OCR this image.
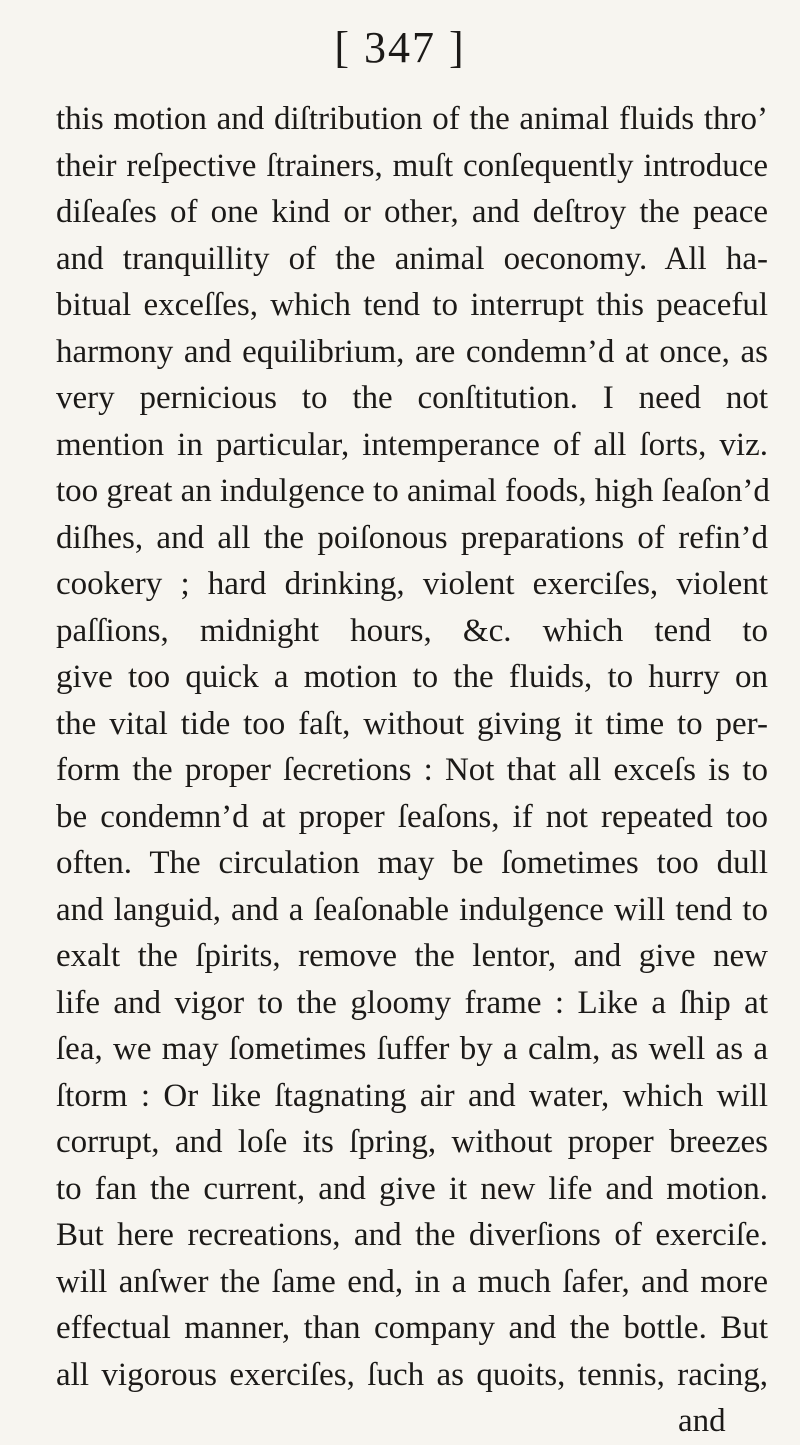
[ 347 ]
this motion and diſtribution of the animal fluids thro’
their reſpective ſtrainers, muſt conſequently introduce
diſeaſes of one kind or other, and deſtroy the peace
and tranquillity of the animal oeconomy. All ha-
bitual exceſſes, which tend to interrupt this peaceful
harmony and equilibrium, are condemn’d at once, as
very pernicious to the conſtitution. I need not
mention in particular, intemperance of all ſorts, viz.
too great an indulgence to animal foods, high ſeaſon’d
diſhes, and all the poiſonous preparations of refin’d
cookery ; hard drinking, violent exerciſes, violent
paſſions, midnight hours, &c. which tend to
give too quick a motion to the fluids, to hurry on
the vital tide too faſt, without giving it time to per-
form the proper ſecretions : Not that all exceſs is to
be condemn’d at proper ſeaſons, if not repeated too
often. The circulation may be ſometimes too dull
and languid, and a ſeaſonable indulgence will tend to
exalt the ſpirits, remove the lentor, and give new
life and vigor to the gloomy frame : Like a ſhip at
ſea, we may ſometimes ſuffer by a calm, as well as a
ſtorm : Or like ſtagnating air and water, which will
corrupt, and loſe its ſpring, without proper breezes
to fan the current, and give it new life and motion.
But here recreations, and the diverſions of exerciſe.
will anſwer the ſame end, in a much ſafer, and more
effectual manner, than company and the bottle. But
all vigorous exerciſes, ſuch as quoits, tennis, racing,
and
